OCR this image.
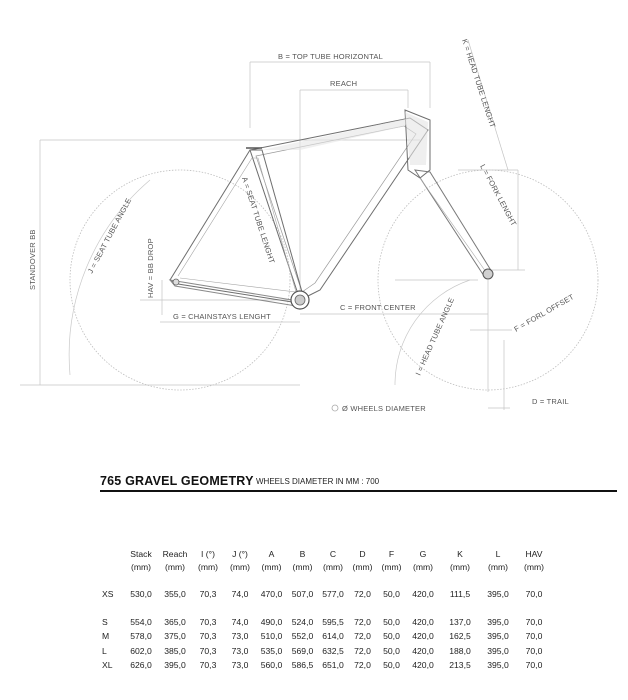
B = TOP TUBE HORIZONTAL
REACH	K = HEAD TUBE LENGHT
L = FORK LENGHT
STANDOVER BB	J = SEAT TUBE ANGLE HAV = BB DROP
A = SEAT TUBE LENGHT
G = CHAINSTAYS LENGHT
C = FRONT CENTER
I = HEAD TUBE ANGLE	F = FORL OFFSET
Ø WHEELS DIAMETER
D = TRAIL
765 GRAVEL GEOMETRY WHEELS DIAMETER IN MM : 700
	Stack	Reach	I (°)	J (°)	A	B	C	D	F	G	K	L	HAV
	(mm)	(mm)	(mm)	(mm)	(mm)	(mm)	(mm)	(mm)	(mm)	(mm)	(mm)	(mm)	(mm)

XS	530,0	355,0	70,3	74,0	470,0	507,0	577,0	72,0	50,0	420,0	111,5	395,0	70,0

S	554,0	365,0	70,3	74,0	490,0	524,0	595,5	72,0	50,0	420,0	137,0	395,0	70,0
M	578,0	375,0	70,3	73,0	510,0	552,0	614,0	72,0	50,0	420,0	162,5	395,0	70,0
L	602,0	385,0	70,3	73,0	535,0	569,0	632,5	72,0	50,0	420,0	188,0	395,0	70,0
XL	626,0	395,0	70,3	73,0	560,0	586,5	651,0	72,0	50,0	420,0	213,5	395,0	70,0
